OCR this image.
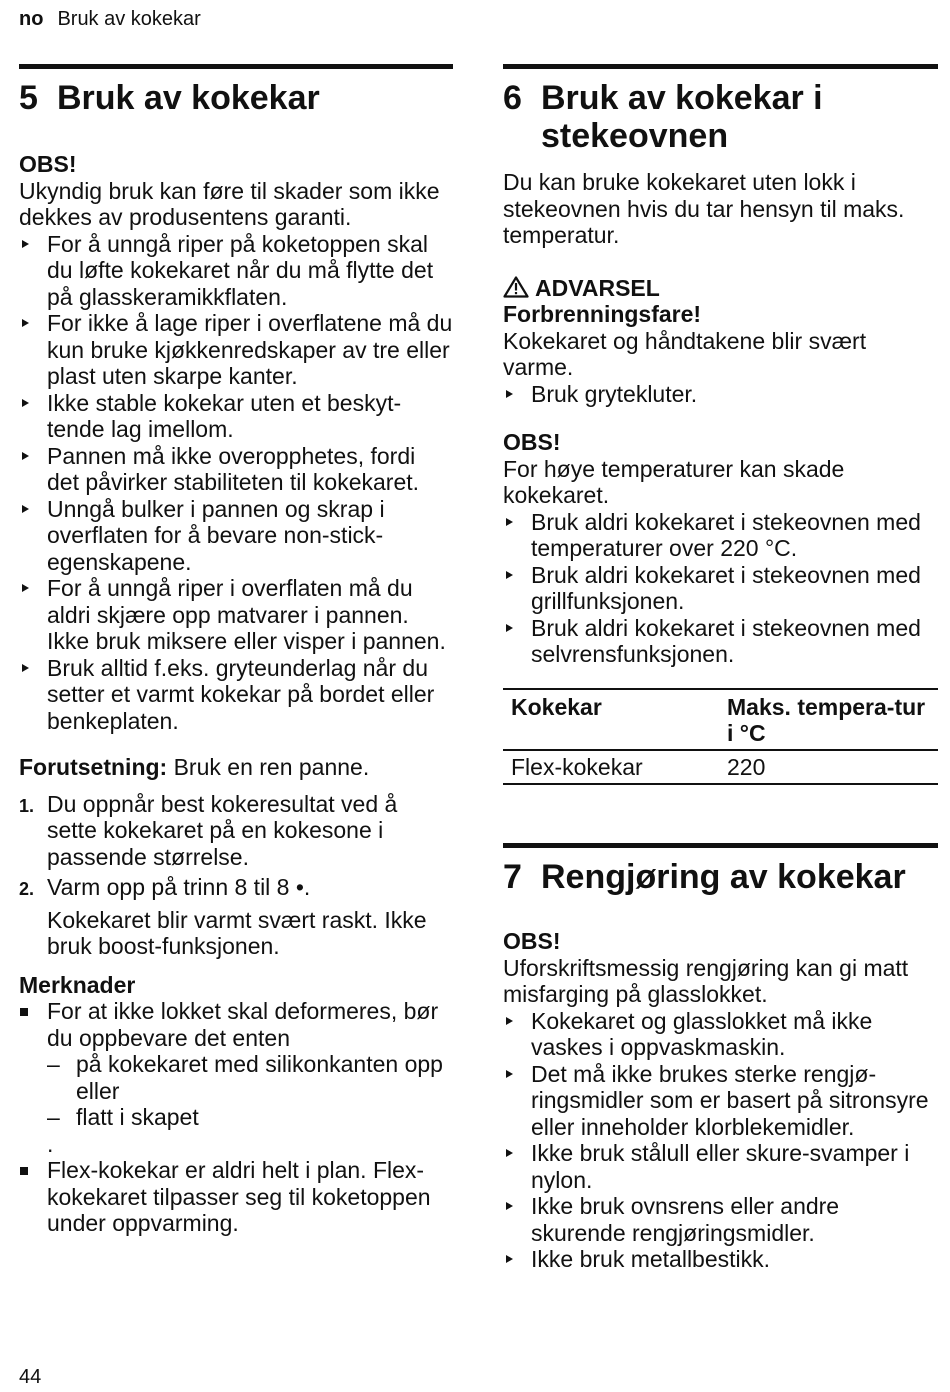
no Bruk av kokekar
5 Bruk av kokekar
OBS!
Ukyndig bruk kan føre til skader som ikke dekkes av produsentens garanti.
For å unngå riper på koketoppen skal du løfte kokekaret når du må flytte det på glasskeramikkflaten.
For ikke å lage riper i overflatene må du kun bruke kjøkkenredskaper av tre eller plast uten skarpe kanter.
Ikke stable kokekar uten et beskyt-tende lag imellom.
Pannen må ikke overopphetes, fordi det påvirker stabiliteten til kokekaret.
Unngå bulker i pannen og skrap i overflaten for å bevare non-stick-egenskapene.
For å unngå riper i overflaten må du aldri skjære opp matvarer i pannen. Ikke bruk miksere eller visper i pannen.
Bruk alltid f.eks. gryteunderlag når du setter et varmt kokekar på bordet eller benkeplaten.
Forutsetning: Bruk en ren panne.
1. Du oppnår best kokeresultat ved å sette kokekaret på en kokesone i passende størrelse.
2. Varm opp på trinn 8 til 8 •.
Kokekaret blir varmt svært raskt. Ikke bruk boost-funksjonen.
Merknader
For at ikke lokket skal deformeres, bør du oppbevare det enten
– på kokekaret med silikonkanten opp eller
– flatt i skapet
.
Flex-kokekar er aldri helt i plan. Flex-kokekaret tilpasser seg til koketoppen under oppvarming.
6 Bruk av kokekar i stekeovnen
Du kan bruke kokekaret uten lokk i stekeovnen hvis du tar hensyn til maks. temperatur.
ADVARSEL
Forbrenningsfare!
Kokekaret og håndtakene blir svært varme.
Bruk grytekluter.
OBS!
For høye temperaturer kan skade kokekaret.
Bruk aldri kokekaret i stekeovnen med temperaturer over 220 °C.
Bruk aldri kokekaret i stekeovnen med grillfunksjonen.
Bruk aldri kokekaret i stekeovnen med selvrensfunksjonen.
Kokekar	Maks. tempera-tur i °C
Flex-kokekar	220
7 Rengjøring av kokekar
OBS!
Uforskriftsmessig rengjøring kan gi matt misfarging på glasslokket.
Kokekaret og glasslokket må ikke vaskes i oppvaskmaskin.
Det må ikke brukes sterke rengjø-ringsmidler som er basert på sitronsyre eller inneholder klorblekemidler.
Ikke bruk stålull eller skure-svamper i nylon.
Ikke bruk ovnsrens eller andre skurende rengjøringsmidler.
Ikke bruk metallbestikk.
44
